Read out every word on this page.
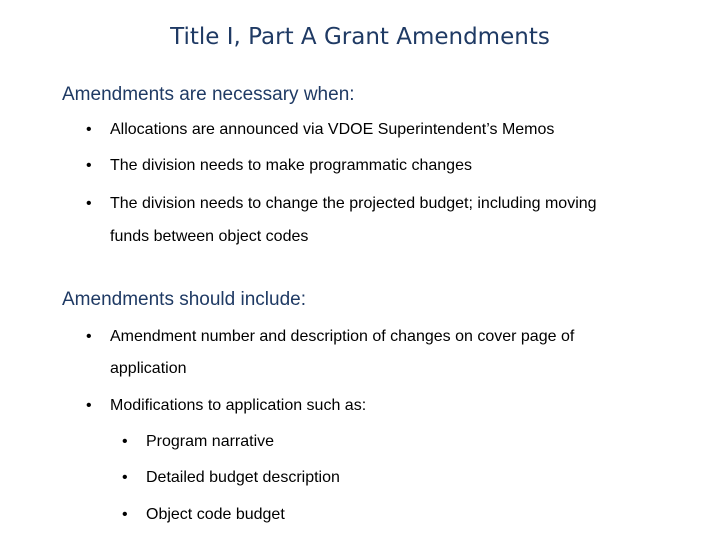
Title I, Part A Grant Amendments
Amendments are necessary when:
• Allocations are announced via VDOE Superintendent’s Memos
• The division needs to make programmatic changes
• The division needs to change the projected budget; including moving
funds between object codes
Amendments should include:
• Amendment number and description of changes on cover page of
application
• Modifications to application such as:
• Program narrative
• Detailed budget description
• Object code budget
